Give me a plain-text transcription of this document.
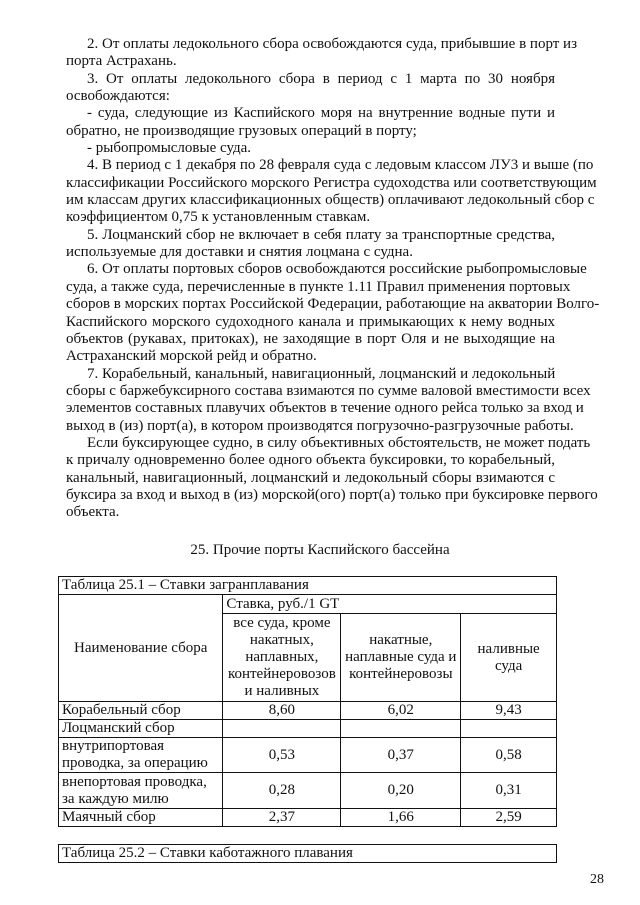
2. От оплаты ледокольного сбора освобождаются суда, прибывшие в порт из
порта Астрахань.
3. От оплаты ледокольного сбора в период с 1 марта по 30 ноября
освобождаются:
- суда, следующие из Каспийского моря на внутренние водные пути и
обратно, не производящие грузовых операций в порту;
- рыбопромысловые суда.
4. В период с 1 декабря по 28 февраля суда с ледовым классом ЛУ3 и выше (по
классификации Российского морского Регистра судоходства или соответствующим
им классам других классификационных обществ) оплачивают ледокольный сбор с
коэффициентом 0,75 к установленным ставкам.
5. Лоцманский сбор не включает в себя плату за транспортные средства,
используемые для доставки и снятия лоцмана с судна.
6. От оплаты портовых сборов освобождаются российские рыбопромысловые
суда, а также суда, перечисленные в пункте 1.11 Правил применения портовых
сборов в морских портах Российской Федерации, работающие на акватории Волго-
Каспийского морского судоходного канала и примыкающих к нему водных
объектов (рукавах, притоках), не заходящие в порт Оля и не выходящие на
Астраханский морской рейд и обратно.
7. Корабельный, канальный, навигационный, лоцманский и ледокольный
сборы с баржебуксирного состава взимаются по сумме валовой вместимости всех
элементов составных плавучих объектов в течение одного рейса только за вход и
выход в (из) порт(а), в котором производятся погрузочно-разгрузочные работы.
Если буксирующее судно, в силу объективных обстоятельств, не может подать
к причалу одновременно более одного объекта буксировки, то корабельный,
канальный, навигационный, лоцманский и ледокольный сборы взимаются с
буксира за вход и выход в (из) морской(ого) порт(а) только при буксировке первого
объекта.
25. Прочие порты Каспийского бассейна
Таблица 25.1 – Ставки загранплавания			
Наименование сбора	Ставка, руб./1 GT		
	все суда, кроме накатных, наплавных, контейнеровозов и наливных	накатные, наплавные суда и контейнеровозы	наливные суда
Корабельный сбор	8,60	6,02	9,43
Лоцманский сбор			
внутрипортовая проводка, за операцию	0,53	0,37	0,58
внепортовая проводка, за каждую милю	0,28	0,20	0,31
Маячный сбор	2,37	1,66	2,59
Таблица 25.2 – Ставки каботажного плавания
28
